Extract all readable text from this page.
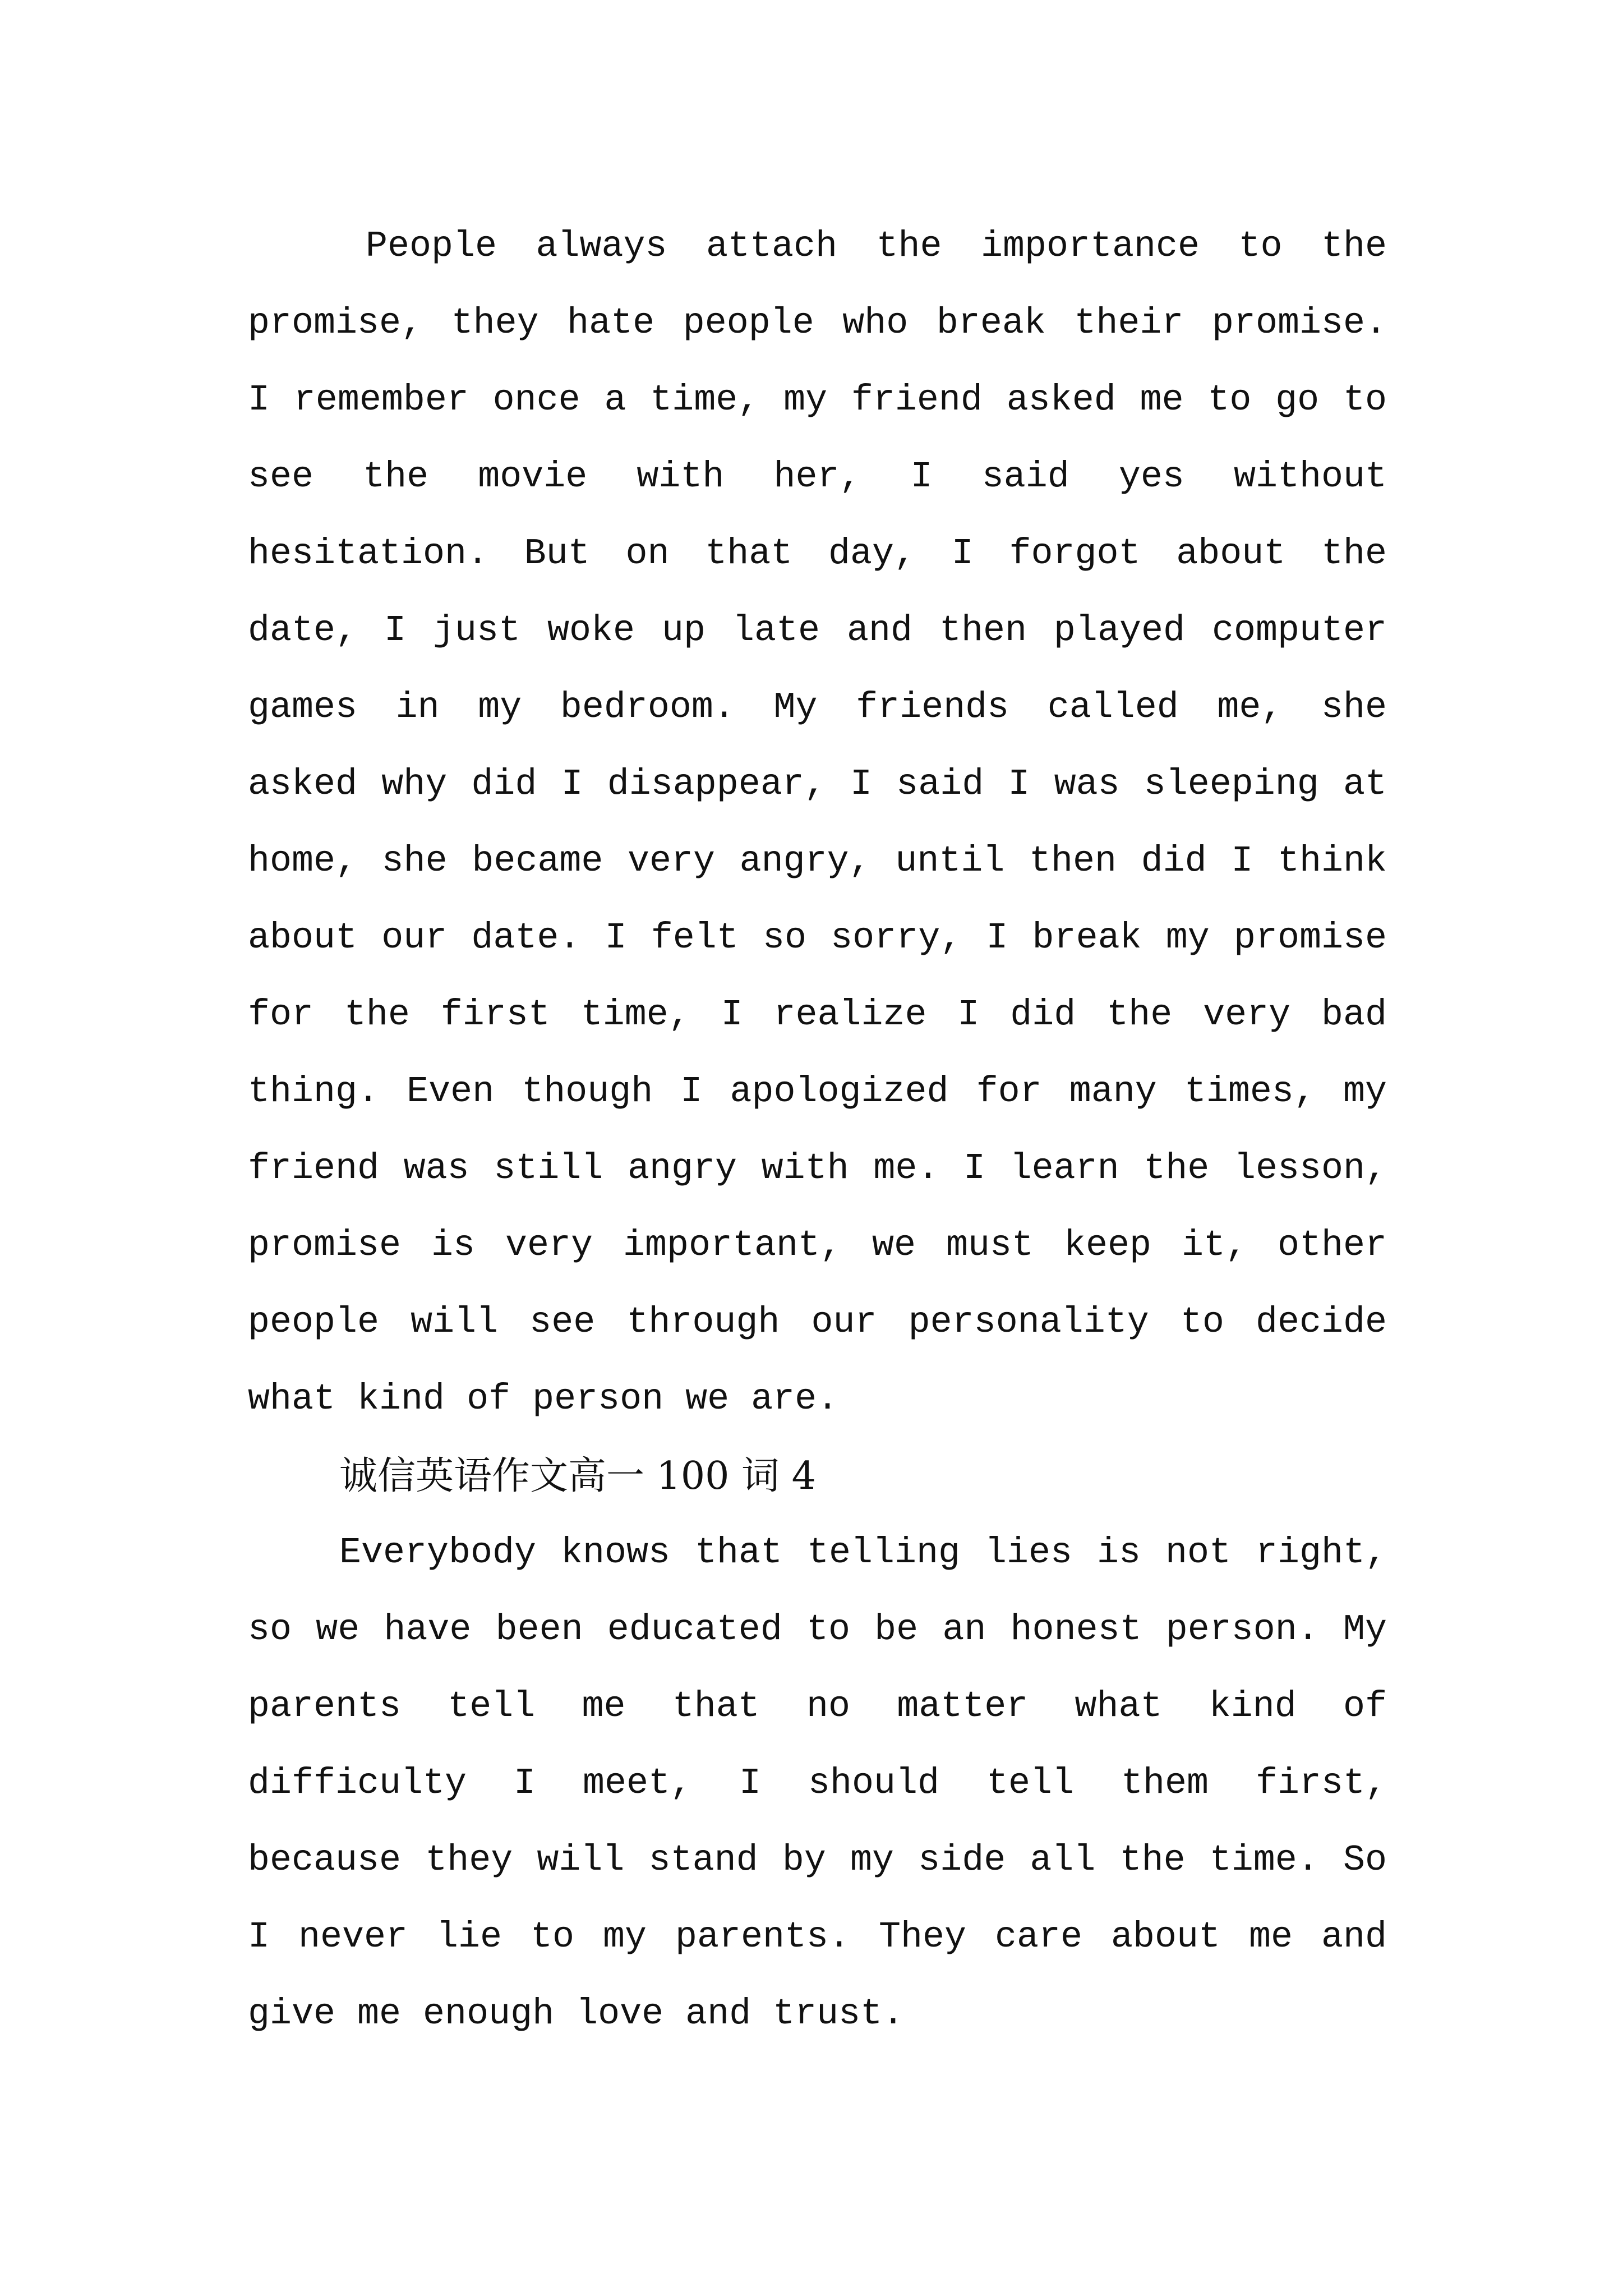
People always attach the importance to the
promise, they hate people who break their promise.
I remember once a time, my friend asked me to go to
see the movie with her, I said yes without
hesitation. But on that day, I forgot about the
date, I just woke up late and then played computer
games in my bedroom. My friends called me, she
asked why did I disappear, I said I was sleeping at
home, she became very angry, until then did I think
about our date. I felt so sorry, I break my promise
for the first time, I realize I did the very bad
thing. Even though I apologized for many times, my
friend was still angry with me. I learn the lesson,
promise is very important, we must keep it, other
people will see through our personality to decide
what kind of person we are.
诚信英语作文高一 100 词 4
Everybody knows that telling lies is not right,
so we have been educated to be an honest person. My
parents tell me that no matter what kind of
difficulty I meet, I should tell them first,
because they will stand by my side all the time. So
I never lie to my parents. They care about me and
give me enough love and trust.
